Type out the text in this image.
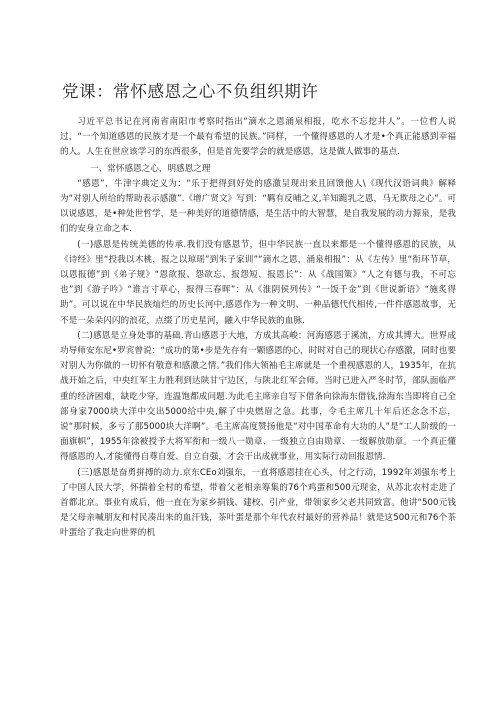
党课：常怀感恩之心不负组织期许

习近平总书记在河南省南阳市考察时指出“滴水之恩涌泉相报，吃水不忘挖井人”。一位哲人说过，“一个知道感恩的民族才是一个最有希望的民族。”同样，一个懂得感恩的人才是•个真正能感到幸福的人。人生在世应该学习的东西很多，但是首先要学会的就是感恩，这是做人做事的基点.

一、常怀感恩之心，明感恩之理

“感恩”，牛津字典定义为：“乐于把得到好处的感激呈现出来且回馈他人\《现代汉语词典》解释为“对别人所给的帮助表示感激”.《增广贤文》写到：“羁有反哺之义,羊知跪乳之恩，马无欺母之心”。可以说感恩，是•种处世哲学，是一种美好的道德情感，是生活中的大智慧，是自我发展的动力源泉，是我们的安身立命之本.

(一)感恩是传统美德的传承.我们没有感恩节，但中华民族一直以来都是一个懂得感恩的民族，从《诗经》里“投我以木桃，报之以琼瑶”到朱子家训”“滴水之恩，涌泉相报”：从《左传》里“衔环节草，以恩报德”到《弟子规》“恩欲报、怨欲忘、报怨短、报恩长”：从《战国策》“人之有德与我，不可忘也”到《游子吟》“谁言寸草心，报得三春晖”：从《淮阴侯列传》“一饭千金”到《世说新语》“施炙得助”。可以说在中华民族灿烂的历史长河中,感恩作为一种文明、一种品德代代相传,一件件感恩故事，无不是一朵朵闪闪的浪花，点缀了历史星河，融入中华民族的血脉.

(二)感恩是立身处事的基础.青山感恩于大地，方成其高峻：河海感恩于溪流，方成其博大。世界成功导师安东尼•罗宾曾说：“成功的第•步是先存有一颗感恩的心，时时对自己的现状心存感激，同时也要对别人为你做的一切怀有敬意和感激之情。”我们伟大领袖毛主席就是一个重视感恩的人，1935年，在抗战开始之后，中央红军主力胜利到达陕甘宁边区，与陕北红军会师。当时已进入严冬时节，部队面临严重的经济困难，缺吃少穿，连温饱都成问题.为此毛主席亲自写下借条向徐海东借钱,徐海东当即将自己全部身家7000块大洋中交出5000给中央,解了中央燃眉之急。此事，令毛主席几十年后还念念不忘，说“那时候，多亏了那5000块大洋啊”。毛主席高度赞扬他是“对中国革命有大功的人”是“工人阶级的一面旗帜”，1955年徐被授予大将军衔和一级八一勋章、一级独立自由勋章、一级解放勋章。一个真正懂得感恩的人,才能懂得自尊自爱、自立自强，才会干出成就事业，用实际行动回报恩情.

(三)感恩是奋勇拼搏的动力.京东CEo刘强东，一直将感恩挂在心头，付之行动，1992年刘强东考上了中国人民大学，怀揣着全村的希望，带着父老相亲筹集的76个鸡蛋和500元现金，从苏北农村走进了首都北京。事业有成后，他一直在为家乡捐钱、建校、引产业，带领家乡父老共同致富。他讲“500元钱是父母亲喊朋友和村民凑出来的血汗钱，茶叶蛋是那个年代农村最好的营养品！就是这500元和76个茶叶蛋给了我走向世界的机
